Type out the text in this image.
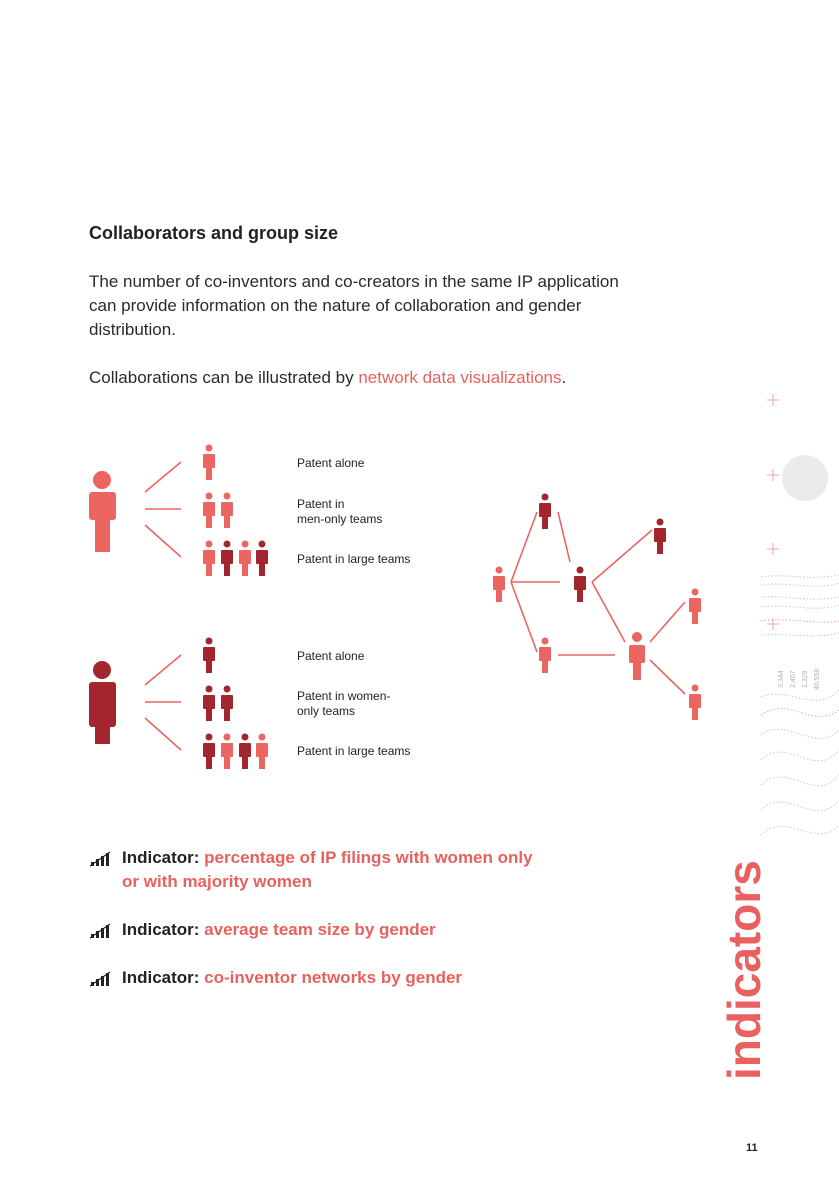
Collaborators and group size
The number of co-inventors and co-creators in the same IP application can provide information on the nature of collaboration and gender distribution.
Collaborations can be illustrated by network data visualizations.
Patent alone
Patent in
men-only teams
Patent in large teams
Patent alone
Patent in women-
only teams
Patent in large teams
3,344 2,407 1,329 40,558
Indicator: percentage of IP filings with women only
or with majority women
Indicator: average team size by gender
Indicator: co-inventor networks by gender	indicators
11
